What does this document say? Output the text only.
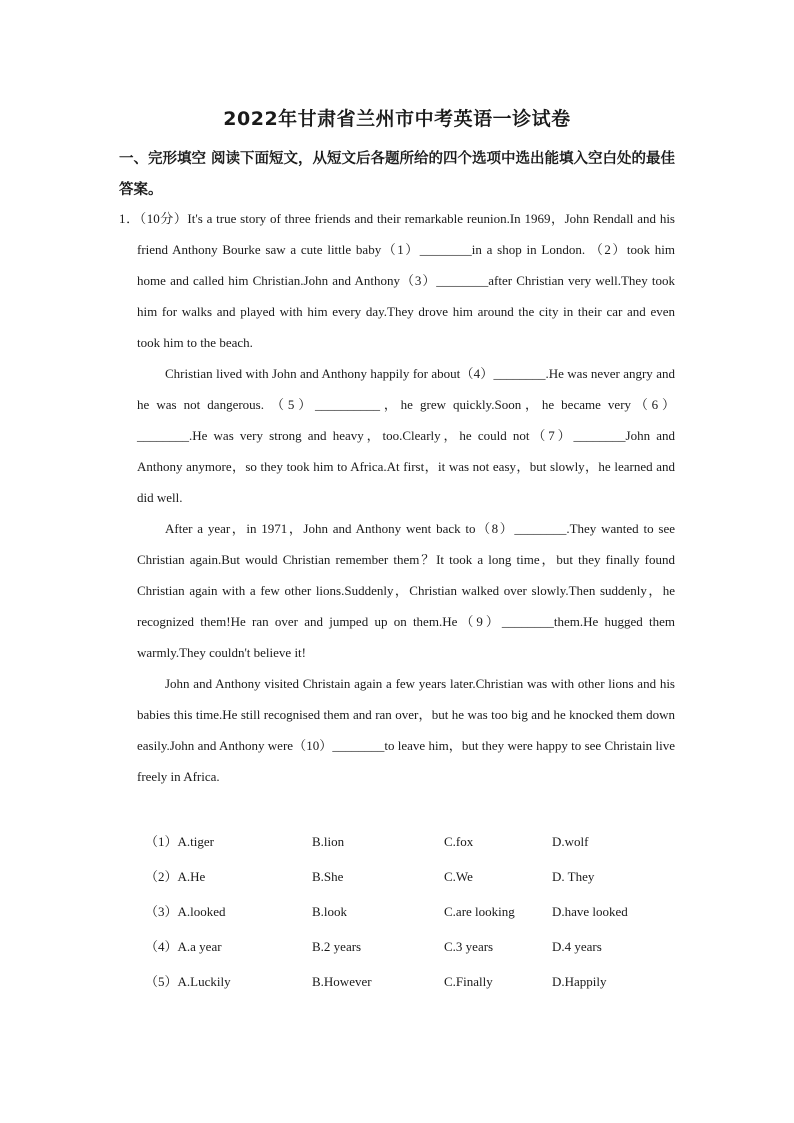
2022年甘肃省兰州市中考英语一诊试卷
一、完形填空 阅读下面短文，从短文后各题所给的四个选项中选出能填入空白处的最佳答案。
1．（10分）It's a true story of three friends and their remarkable reunion.In 1969，John Rendall and his friend Anthony Bourke saw a cute little baby（1）________in a shop in London. （2）took him home and called him Christian.John and Anthony（3）________after Christian very well.They took him for walks and played with him every day.They drove him around the city in their car and even took him to the beach.
Christian lived with John and Anthony happily for about（4）________.He was never angry and he was not dangerous. （5）__________，he grew quickly.Soon，he became very（6）________.He was very strong and heavy，too.Clearly，he could not（7）________John and Anthony anymore，so they took him to Africa.At first，it was not easy，but slowly，he learned and did well.
After a year，in 1971，John and Anthony went back to（8）________.They wanted to see Christian again.But would Christian remember them？It took a long time，but they finally found Christian again with a few other lions.Suddenly，Christian walked over slowly.Then suddenly，he recognized them!He ran over and jumped up on them.He（9）________them.He hugged them warmly.They couldn't believe it!
John and Anthony visited Christain again a few years later.Christian was with other lions and his babies this time.He still recognised them and ran over，but he was too big and he knocked them down easily.John and Anthony were（10）________to leave him，but they were happy to see Christain live freely in Africa.
（1）A.tiger	B.lion	C.fox	D.wolf
（2）A.He	B.She	C.We	D. They
（3）A.looked	B.look	C.are looking	D.have looked
（4）A.a year	B.2 years	C.3 years	D.4 years
（5）A.Luckily	B.However	C.Finally	D.Happily
